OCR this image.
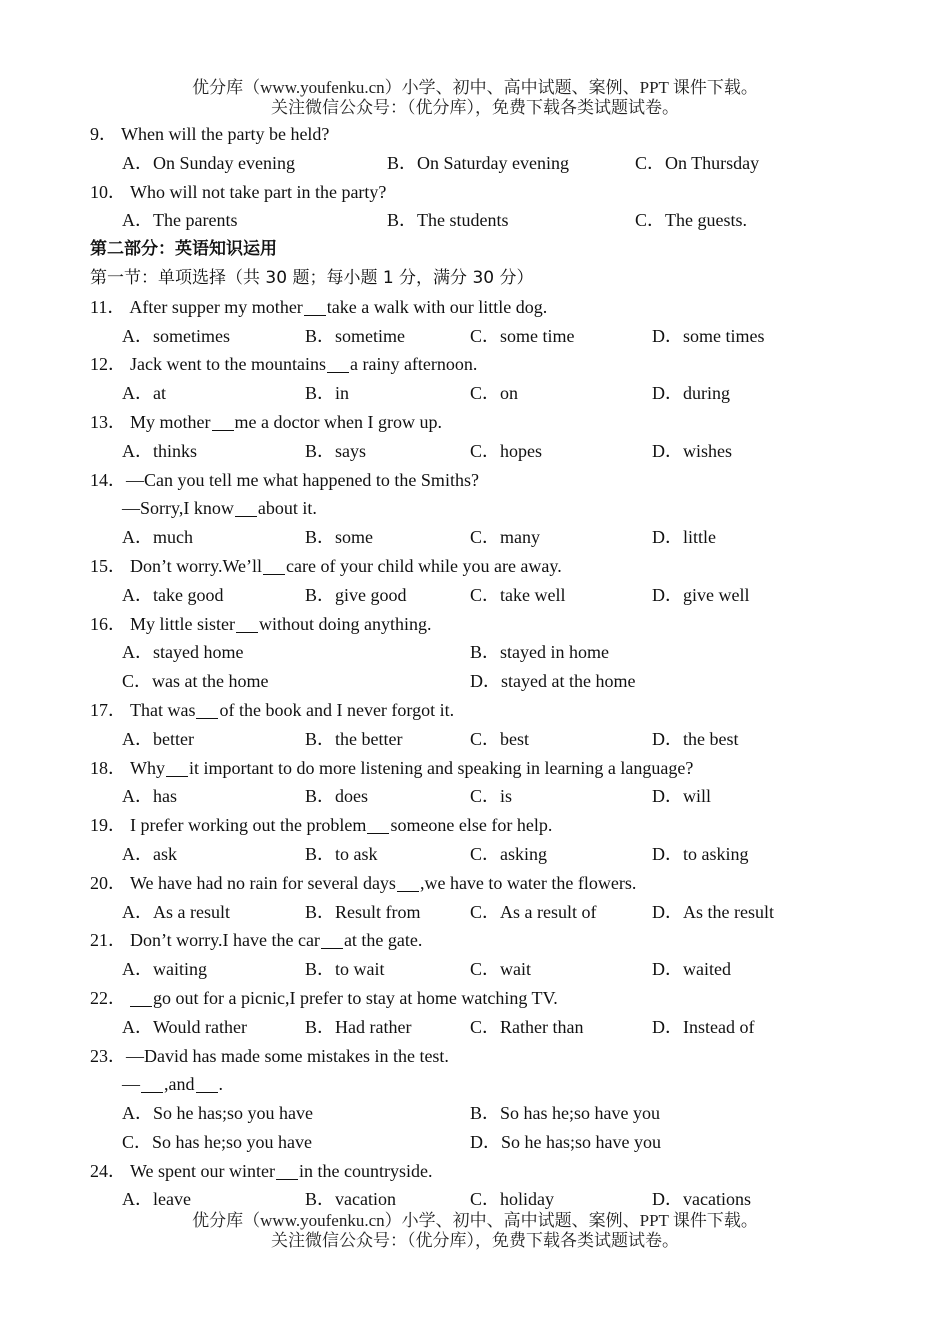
优分库（www.youfenku.cn）小学、初中、高中试题、案例、PPT 课件下载。
关注微信公众号：（优分库），免费下载各类试题试卷。
9． When will the party be held?
A．On Sunday evening	B．On Saturday evening	C．On Thursday
10． Who will not take part in the party?
A．The parents	B．The students	C．The guests.
第二部分：英语知识运用
第一节：单项选择（共 30 题；每小题 1 分，满分 30 分）
11． After supper my mother take a walk with our little dog.
A．sometimes	B．sometime	C．some time	D．some times
12． Jack went to the mountains a rainy afternoon.
A．at	B．in	C．on	D．during
13． My mother me a doctor when I grow up.
A．thinks	B．says	C．hopes	D．wishes
14．—Can you tell me what happened to the Smiths?
—Sorry,I know about it.
A．much	B．some	C．many	D．little
15． Don’t worry.We’ll care of your child while you are away.
A．take good	B．give good	C．take well	D．give well
16． My little sister without doing anything.
A．stayed home	B．stayed in home
C．was at the home	D．stayed at the home
17． That was of the book and I never forgot it.
A．better	B．the better	C．best	D．the best
18． Why it important to do more listening and speaking in learning a language?
A．has	B．does	C．is	D．will
19． I prefer working out the problem someone else for help.
A．ask	B．to ask	C．asking	D．to asking
20． We have had no rain for several days ,we have to water the flowers.
A．As a result	B．Result from	C．As a result of	D．As the result
21． Don’t worry.I have the car at the gate.
A．waiting	B．to wait	C．wait	D．waited
22． go out for a picnic,I prefer to stay at home watching TV.
A．Would rather	B．Had rather	C．Rather than	D．Instead of
23．—David has made some mistakes in the test.
— ,and .
A．So he has;so you have	B．So has he;so have you
C．So has he;so you have	D．So he has;so have you
24． We spent our winter in the countryside.
A．leave	B．vacation	C．holiday	D．vacations
优分库（www.youfenku.cn）小学、初中、高中试题、案例、PPT 课件下载。
关注微信公众号：（优分库），免费下载各类试题试卷。
